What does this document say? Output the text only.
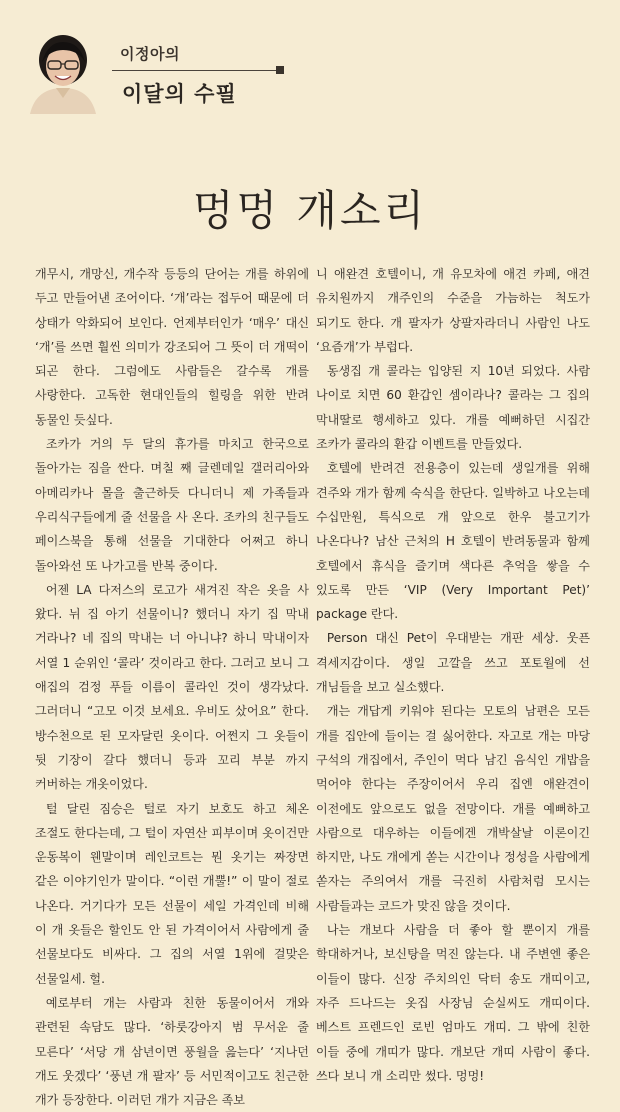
이정아의
이달의 수필
멍멍 개소리

개무시, 개망신, 개수작 등등의 단어는 개를 하위에 두고 만들어낸 조어이다. ‘개’라는 접두어 때문에 더 상태가 악화되어 보인다. 언제부터인가 ‘매우’ 대신 ‘개’를 쓰면 훨씬 의미가 강조되어 그 뜻이 더 개떡이 되곤 한다. 그럼에도 사람들은 갈수록 개를 사랑한다. 고독한 현대인들의 힐링을 위한 반려 동물인 듯싶다.

조카가 거의 두 달의 휴가를 마치고 한국으로 돌아가는 짐을 싼다. 며칠 째 글렌데일 갤러리아와 아메리카나 몰을 출근하듯 다니더니 제 가족들과 우리식구들에게 줄 선물을 사 온다. 조카의 친구들도 페이스북을 통해 선물을 기대한다 어쩌고 하니 돌아와선 또 나가고를 반복 중이다.

어젠 LA 다저스의 로고가 새겨진 작은 옷을 사 왔다. 뉘 집 아기 선물이니? 했더니 자기 집 막내 거라나? 네 집의 막내는 너 아니냐? 하니 막내이자 서열 1 순위인 ‘콜라’ 것이라고 한다. 그러고 보니 그 애집의 검정 푸들 이름이 콜라인 것이 생각났다. 그러더니 “고모 이것 보세요. 우비도 샀어요” 한다. 방수천으로 된 모자달린 옷이다. 어쩐지 그 옷들이 뒷 기장이 갈다 했더니 등과 꼬리 부분 까지 커버하는 개옷이었다.

털 달린 짐승은 털로 자기 보호도 하고 체온 조절도 한다는데, 그 털이 자연산 피부이며 옷이건만 운동복이 웬말이며 레인코트는 뭔 옷기는 짜장면 같은 이야기인가 말이다. “이런 개뿔!” 이 말이 절로 나온다. 거기다가 모든 선물이 세일 가격인데 비해 이 개 옷들은 할인도 안 된 가격이어서 사람에게 줄 선물보다도 비싸다. 그 집의 서열 1위에 걸맞은 선물일세. 헐.

예로부터 개는 사람과 친한 동물이어서 개와 관련된 속담도 많다. ‘하룻강아지 범 무서운 줄 모른다’ ‘서당 개 삼년이면 풍월을 읊는다’ ‘지나던 개도 웃겠다’ ‘풍년 개 팔자’ 등 서민적이고도 친근한 개가 등장한다. 이러던 개가 지금은 족보

니 애완견 호텔이니, 개 유모차에 애견 카페, 애견 유치원까지 개주인의 수준을 가늠하는 척도가 되기도 한다. 개 팔자가 상팔자라더니 사람인 나도 ‘요즘개’가 부럽다.

동생집 개 콜라는 입양된 지 10년 되었다. 사람 나이로 치면 60 환갑인 셈이라나? 콜라는 그 집의 막내딸로 행세하고 있다. 개를 예뻐하던 시집간 조카가 콜라의 환갑 이벤트를 만들었다.

호텔에 반려견 전용층이 있는데 생일개를 위해 견주와 개가 함께 숙식을 한단다. 일박하고 나오는데 수십만원, 특식으로 개 앞으로 한우 불고기가 나온다나? 남산 근처의 H 호텔이 반려동물과 함께 호텔에서 휴식을 즐기며 색다른 추억을 쌓을 수 있도록 만든 ‘VIP (Very Important Pet)’ package 란다.

Person 대신 Pet이 우대받는 개판 세상. 웃픈 격세지감이다. 생일 고깔을 쓰고 포토월에 선 개님들을 보고 실소했다.

개는 개답게 키워야 된다는 모토의 남편은 모든 개를 집안에 들이는 걸 싫어한다. 자고로 개는 마당 구석의 개집에서, 주인이 먹다 남긴 음식인 개밥을 먹어야 한다는 주장이어서 우리 집엔 애완견이 이전에도 앞으로도 없을 전망이다. 개를 예뻐하고 사람으로 대우하는 이들에겐 개박살날 이론이긴 하지만, 나도 개에게 쏟는 시간이나 정성을 사람에게 쏟자는 주의여서 개를 극진히 사람처럼 모시는 사람들과는 코드가 맞진 않을 것이다.

나는 개보다 사람을 더 좋아 할 뿐이지 개를 학대하거나, 보신탕을 먹진 않는다. 내 주변엔 좋은 이들이 많다. 신장 주치의인 닥터 송도 개띠이고, 자주 드나드는 옷집 사장님 순실씨도 개띠이다. 베스트 프렌드인 로빈 엄마도 개띠. 그 밖에 친한 이들 중에 개띠가 많다. 개보단 개띠 사람이 좋다. 쓰다 보니 개 소리만 썼다. 멍멍!
